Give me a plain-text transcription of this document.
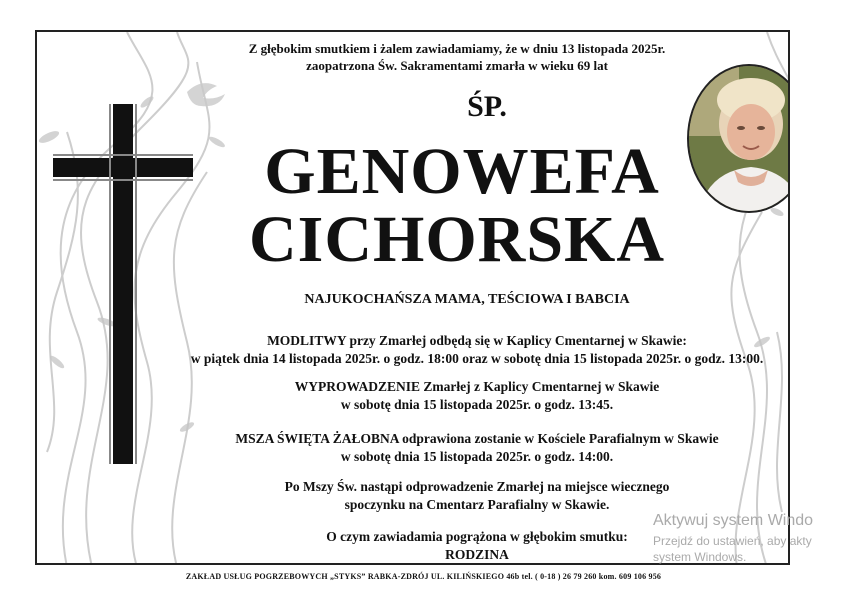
Z głębokim smutkiem i żalem zawiadamiamy, że w dniu 13 listopada 2025r.
zaopatrzona Św. Sakramentami zmarła w wieku 69 lat
ŚP.
GENOWEFA
CICHORSKA
NAJUKOCHAŃSZA MAMA, TEŚCIOWA I BABCIA
MODLITWY przy Zmarłej odbędą się w Kaplicy Cmentarnej w Skawie:
w piątek dnia 14 listopada 2025r. o godz. 18:00 oraz w sobotę dnia 15 listopada 2025r. o godz. 13:00.
WYPROWADZENIE Zmarłej z Kaplicy Cmentarnej w Skawie
w sobotę dnia 15 listopada 2025r. o godz. 13:45.
MSZA ŚWIĘTA ŻAŁOBNA odprawiona zostanie w Kościele Parafialnym w Skawie
w sobotę dnia 15 listopada 2025r. o godz. 14:00.
Po Mszy Św. nastąpi odprowadzenie Zmarłej na miejsce wiecznego
spoczynku na Cmentarz Parafialny w Skawie.
O czym zawiadamia pogrążona w głębokim smutku:
RODZINA
ZAKŁAD USŁUG POGRZEBOWYCH „STYKS” RABKA-ZDRÓJ UL. KILIŃSKIEGO 46b tel. ( 0-18 ) 26 79 260 kom. 609 106 956
Aktywuj system Windo
Przejdź do ustawień, aby akty
system Windows.
